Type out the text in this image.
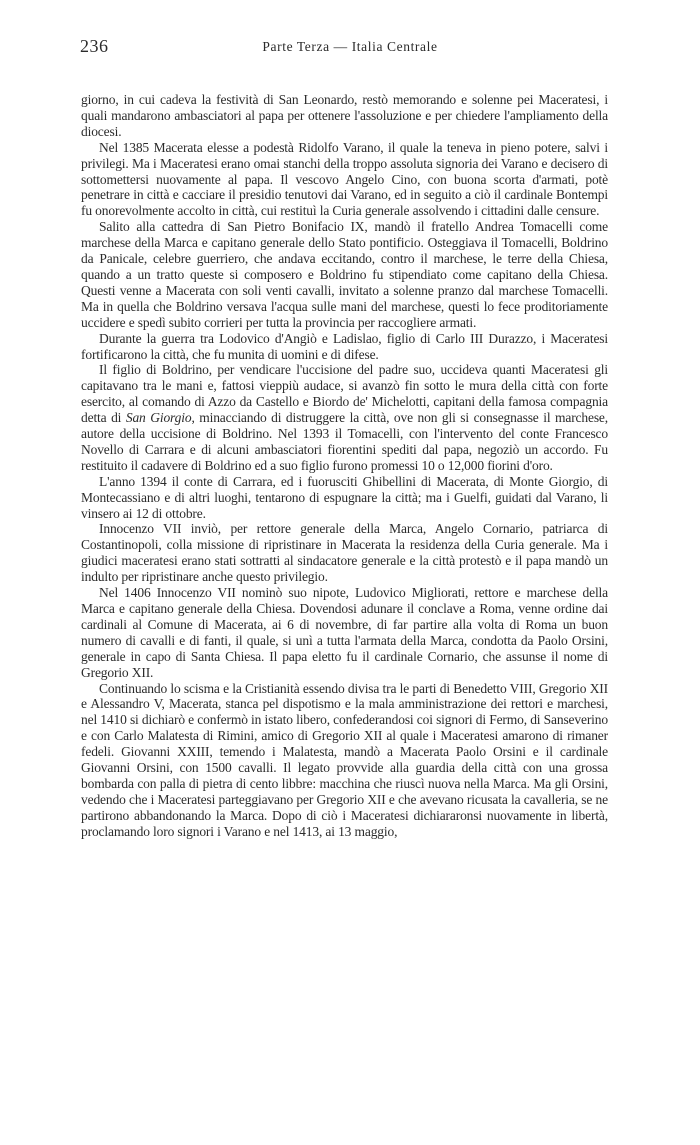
236	Parte Terza — Italia Centrale

giorno, in cui cadeva la festività di San Leonardo, restò memorando e solenne pei Maceratesi, i quali mandarono ambasciatori al papa per ottenere l'assoluzione e per chiedere l'ampliamento della diocesi.

Nel 1385 Macerata elesse a podestà Ridolfo Varano, il quale la teneva in pieno potere, salvi i privilegi. Ma i Maceratesi erano omai stanchi della troppo assoluta signoria dei Varano e decisero di sottomettersi nuovamente al papa. Il vescovo Angelo Cino, con buona scorta d'armati, potè penetrare in città e cacciare il presidio tenutovi dai Varano, ed in seguito a ciò il cardinale Bontempi fu onorevolmente accolto in città, cui restituì la Curia generale assolvendo i cittadini dalle censure.

Salito alla cattedra di San Pietro Bonifacio IX, mandò il fratello Andrea Tomacelli come marchese della Marca e capitano generale dello Stato pontificio. Osteggiava il Tomacelli, Boldrino da Panicale, celebre guerriero, che andava eccitando, contro il marchese, le terre della Chiesa, quando a un tratto queste si composero e Boldrino fu stipendiato come capitano della Chiesa. Questi venne a Macerata con soli venti cavalli, invitato a solenne pranzo dal marchese Tomacelli. Ma in quella che Boldrino versava l'acqua sulle mani del marchese, questi lo fece proditoriamente uccidere e spedì subito corrieri per tutta la provincia per raccogliere armati.

Durante la guerra tra Lodovico d'Angiò e Ladislao, figlio di Carlo III Durazzo, i Maceratesi fortificarono la città, che fu munita di uomini e di difese.

Il figlio di Boldrino, per vendicare l'uccisione del padre suo, uccideva quanti Maceratesi gli capitavano tra le mani e, fattosi vieppiù audace, si avanzò fin sotto le mura della città con forte esercito, al comando di Azzo da Castello e Biordo de' Michelotti, capitani della famosa compagnia detta di San Giorgio, minacciando di distruggere la città, ove non gli si consegnasse il marchese, autore della uccisione di Boldrino. Nel 1393 il Tomacelli, con l'intervento del conte Francesco Novello di Carrara e di alcuni ambasciatori fiorentini spediti dal papa, negoziò un accordo. Fu restituito il cadavere di Boldrino ed a suo figlio furono promessi 10 o 12,000 fiorini d'oro.

L'anno 1394 il conte di Carrara, ed i fuorusciti Ghibellini di Macerata, di Monte Giorgio, di Montecassiano e di altri luoghi, tentarono di espugnare la città; ma i Guelfi, guidati dal Varano, li vinsero ai 12 di ottobre.

Innocenzo VII inviò, per rettore generale della Marca, Angelo Cornario, patriarca di Costantinopoli, colla missione di ripristinare in Macerata la residenza della Curia generale. Ma i giudici maceratesi erano stati sottratti al sindacatore generale e la città protestò e il papa mandò un indulto per ripristinare anche questo privilegio.

Nel 1406 Innocenzo VII nominò suo nipote, Ludovico Migliorati, rettore e marchese della Marca e capitano generale della Chiesa. Dovendosi adunare il conclave a Roma, venne ordine dai cardinali al Comune di Macerata, ai 6 di novembre, di far partire alla volta di Roma un buon numero di cavalli e di fanti, il quale, si unì a tutta l'armata della Marca, condotta da Paolo Orsini, generale in capo di Santa Chiesa. Il papa eletto fu il cardinale Cornario, che assunse il nome di Gregorio XII.

Continuando lo scisma e la Cristianità essendo divisa tra le parti di Benedetto VIII, Gregorio XII e Alessandro V, Macerata, stanca pel dispotismo e la mala amministrazione dei rettori e marchesi, nel 1410 si dichiarò e confermò in istato libero, confederandosi coi signori di Fermo, di Sanseverino e con Carlo Malatesta di Rimini, amico di Gregorio XII al quale i Maceratesi amarono di rimaner fedeli. Giovanni XXIII, temendo i Malatesta, mandò a Macerata Paolo Orsini e il cardinale Giovanni Orsini, con 1500 cavalli. Il legato provvide alla guardia della città con una grossa bombarda con palla di pietra di cento libbre: macchina che riuscì nuova nella Marca. Ma gli Orsini, vedendo che i Maceratesi parteggiavano per Gregorio XII e che avevano ricusata la cavalleria, se ne partirono abbandonando la Marca. Dopo di ciò i Maceratesi dichiararonsi nuovamente in libertà, proclamando loro signori i Varano e nel 1413, ai 13 maggio,
